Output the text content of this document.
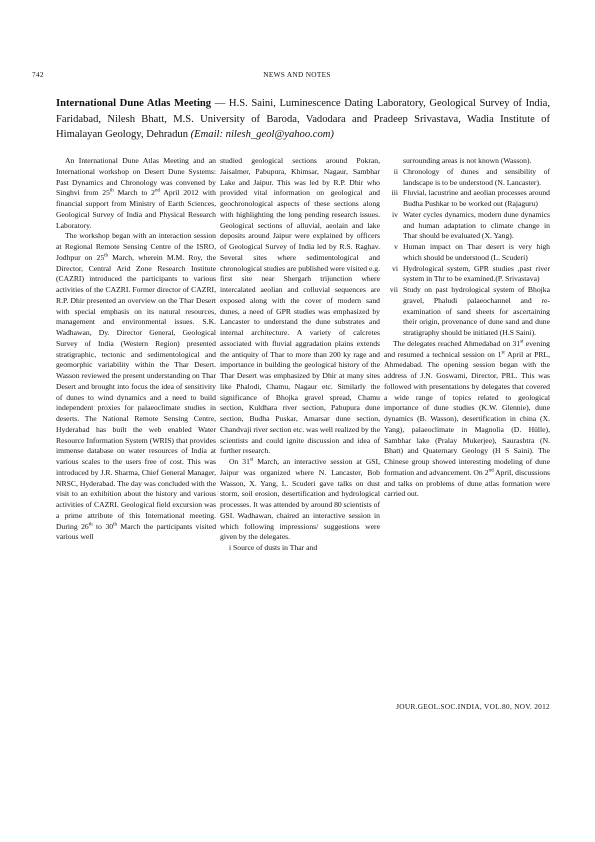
742	NEWS AND NOTES
International Dune Atlas Meeting — H.S. Saini, Luminescence Dating Laboratory, Geological Survey of India, Faridabad, Nilesh Bhatt, M.S. University of Baroda, Vadodara and Pradeep Srivastava, Wadia Institute of Himalayan Geology, Dehradun (Email: nilesh_geol@yahoo.com)

An International Dune Atlas Meeting and an International workshop on Desert Dune Systems: Past Dynamics and Chronology was convened by Singhvi from 25th March to 2nd April 2012 with financial support from Ministry of Earth Sciences, Geological Survey of India and Physical Research Laboratory.

The workshop began with an interaction session at Regional Remote Sensing Centre of the ISRO, Jodhpur on 25th March, wherein M.M. Roy, the Director, Central Arid Zone Research Institute (CAZRI) introduced the participants to various activities of the CAZRI. Former director of CAZRI, R.P. Dhir presented an overview on the Thar Desert with special emphasis on its natural resources, management and environmental issues. S.K. Wadhawan, Dy. Director General, Geological Survey of India (Western Region) presented stratigraphic, tectonic and sedimentological and geomorphic variability within the Thar Desert. Wasson reviewed the present understanding on Thar Desert and brought into focus the idea of sensitivity of dunes to wind dynamics and a need to build independent proxies for palaeoclimate studies in deserts. The National Remote Sensing Centre, Hyderabad has built the web enabled Water Resource Information System (WRIS) that provides immense database on water resources of India at various scales to the users free of cost. This was introduced by J.R. Sharma, Chief General Manager, NRSC, Hyderabad. The day was concluded with the visit to an exhibition about the history and various activities of CAZRI. Geological field excursion was a prime attribute of this International meeting. During 26th to 30th March the participants visited various well

studied geological sections around Pokran, Jaisalmer, Pabupura, Khimsar, Nagaur, Sambhar Lake and Jaipur. This was led by R.P. Dhir who provided vital information on geological and geochronological aspects of these sections along with highlighting the long pending research issues. Geological sections of alluvial, aeolain and lake deposits around Jaipur were explained by officers of Geological Survey of India led by R.S. Raghav. Several sites where sedimentological and chronological studies are published were visited e.g. first site near Shergarh trijunction where intercalated aeolian and colluvial sequences are exposed along with the cover of modern sand dunes, a need of GPR studies was emphasized by Lancaster to understand the dune substrates and internal architecture. A variety of calcretes associated with fluvial aggradation plains extends the antiquity of Thar to more than 200 ky rage and importance in building the geological history of the Thar Desert was emphasized by Dhir at many sites like Phalodi, Chamu, Nagaur etc. Similarly the significance of Bhojka gravel spread, Chamu section, Kuldhara river section, Pabupura dune section, Budha Puskar, Amarsar dune section, Chandvaji river section etc. was well realized by the scientists and could ignite discussion and idea of further research.

On 31st March, an interactive session at GSI, Jaipur was organized where N. Lancaster, Bob Wasson, X. Yang, L. Scuderi gave talks on dust storm, soil erosion, desertification and hydrological processes. It was attended by around 80 scientists of GSI. Wadhawan, chaired an interactive session in which following impressions/ suggestions were given by the delegates.

i Source of dusts in Thar and

surrounding areas is not known (Wasson).
ii Chronology of dunes and sensibility of landscape is to be understood (N. Lancaster).
iii Fluvial, lacustrine and aeolian processes around Budha Pushkar to be worked out (Rajaguru)
iv Water cycles dynamics, modern dune dynamics and human adaptation to climate change in Thar should be evaluated (X. Yang).
v Human impact on Thar desert is very high which should be understood (L. Scuderi)
vi Hydrological system, GPR studies ,past river system in Thr to be examined.(P. Srivastava)
vii Study on past hydrological system of Bhojka gravel, Phaludi palaeochannel and re-examination of sand sheets for ascertaining their origin, provenance of dune sand and dune stratigraphy should be initiated (H.S Saini).

The delegates reached Ahmedabad on 31st evening and resumed a technical session on 1st April at PRL, Ahmedabad. The opening session began with the address of J.N. Goswami, Director, PRL. This was followed with presentations by delegates that covered a wide range of topics related to geological importance of dune studies (K.W. Glennie), dune dynamics (B. Wasson), desertification in china (X. Yang), palaeoclimate in Magnolia (D. Hülle), Sambhar lake (Pralay Mukerjee), Saurashtra (N. Bhatt) and Quaternary Geology (H S Saini). The Chinese group showed interesting modeling of dune formation and advancement. On 2nd April, discussions and talks on problems of dune atlas formation were carried out.

JOUR.GEOL.SOC.INDIA, VOL.80, NOV. 2012
